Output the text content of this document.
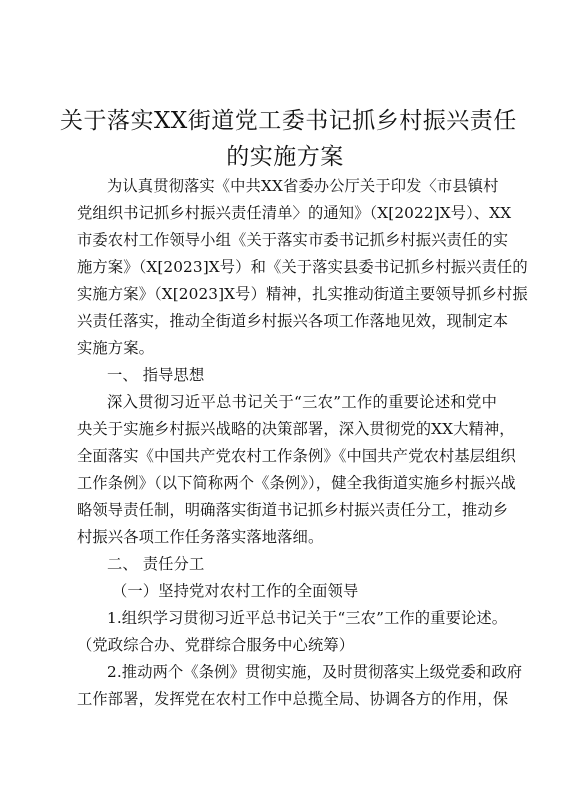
关于落实XX街道党工委书记抓乡村振兴责任
的实施方案
为认真贯彻落实《中共XX省委办公厅关于印发〈市县镇村
党组织书记抓乡村振兴责任清单〉的通知》（X[2022]X号）、XX
市委农村工作领导小组《关于落实市委书记抓乡村振兴责任的实
施方案》（X[2023]X号）和《关于落实县委书记抓乡村振兴责任的
实施方案》（X[2023]X号）精神，扎实推动街道主要领导抓乡村振
兴责任落实，推动全街道乡村振兴各项工作落地见效，现制定本
实施方案。
一、 指导思想
深入贯彻习近平总书记关于“三农”工作的重要论述和党中
央关于实施乡村振兴战略的决策部署，深入贯彻党的XX大精神，
全面落实《中国共产党农村工作条例》《中国共产党农村基层组织
工作条例》（以下简称两个《条例》），健全我街道实施乡村振兴战
略领导责任制，明确落实街道书记抓乡村振兴责任分工，推动乡
村振兴各项工作任务落实落地落细。
二、 责任分工
（一）坚持党对农村工作的全面领导
1.组织学习贯彻习近平总书记关于“三农”工作的重要论述。
（党政综合办、党群综合服务中心统筹）
2.推动两个《条例》贯彻实施，及时贯彻落实上级党委和政府
工作部署，发挥党在农村工作中总揽全局、协调各方的作用，保
